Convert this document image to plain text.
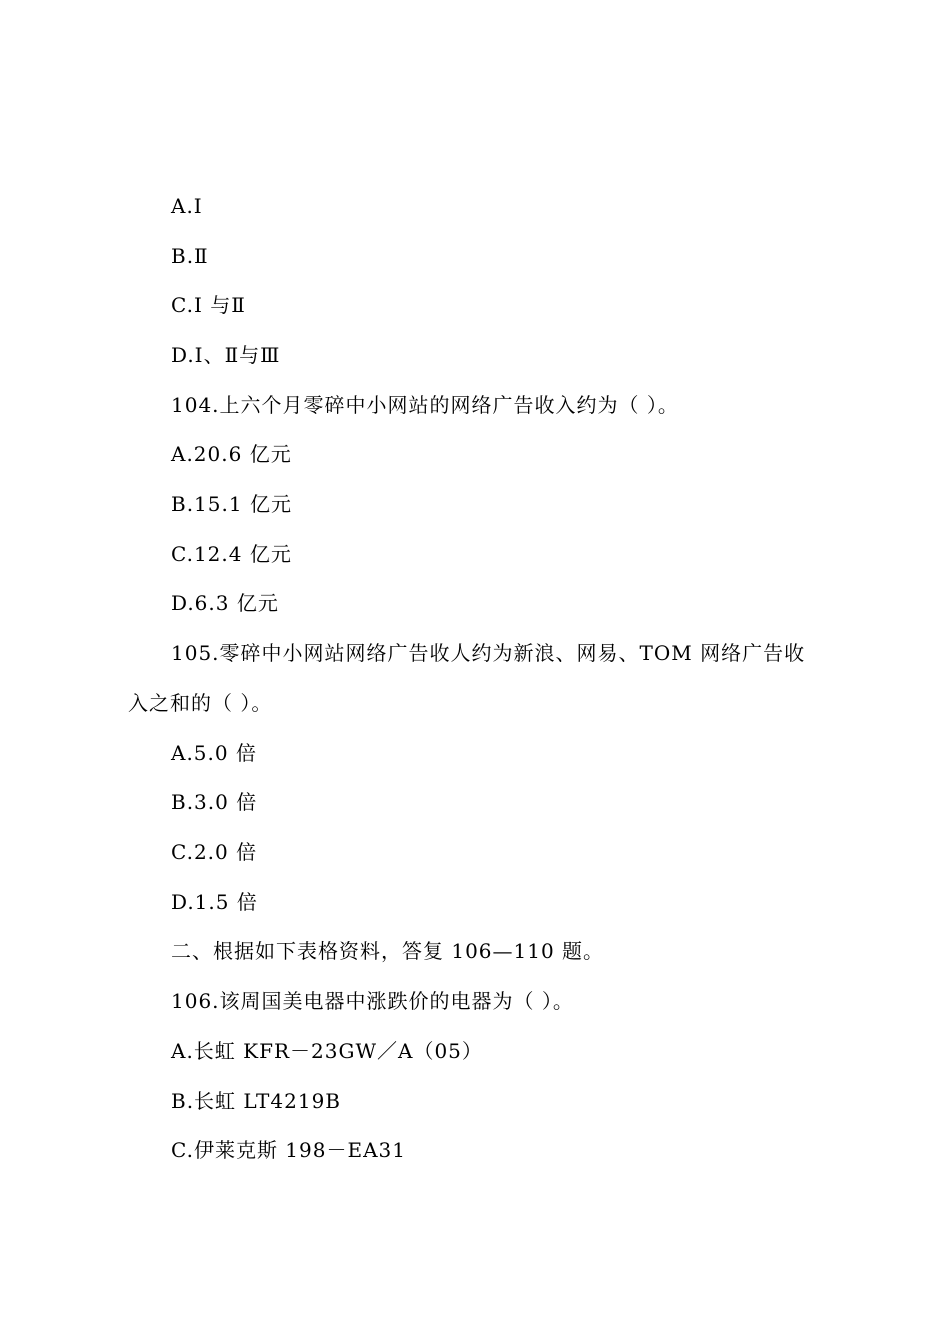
A.Ⅰ
B.Ⅱ
C.Ⅰ 与Ⅱ
D.Ⅰ、Ⅱ与Ⅲ
104.上六个月零碎中小网站的网络广告收入约为（ ）。
A.20.6 亿元
B.15.1 亿元
C.12.4 亿元
D.6.3 亿元
105.零碎中小网站网络广告收人约为新浪、网易、TOM 网络广告收
入之和的（ ）。
A.5.0 倍
B.3.0 倍
C.2.0 倍
D.1.5 倍
二、根据如下表格资料，答复 106—110 题。
106.该周国美电器中涨跌价的电器为（ ）。
A.长虹 KFR－23GW／A（05）
B.长虹 LT4219B
C.伊莱克斯 198－EA31
